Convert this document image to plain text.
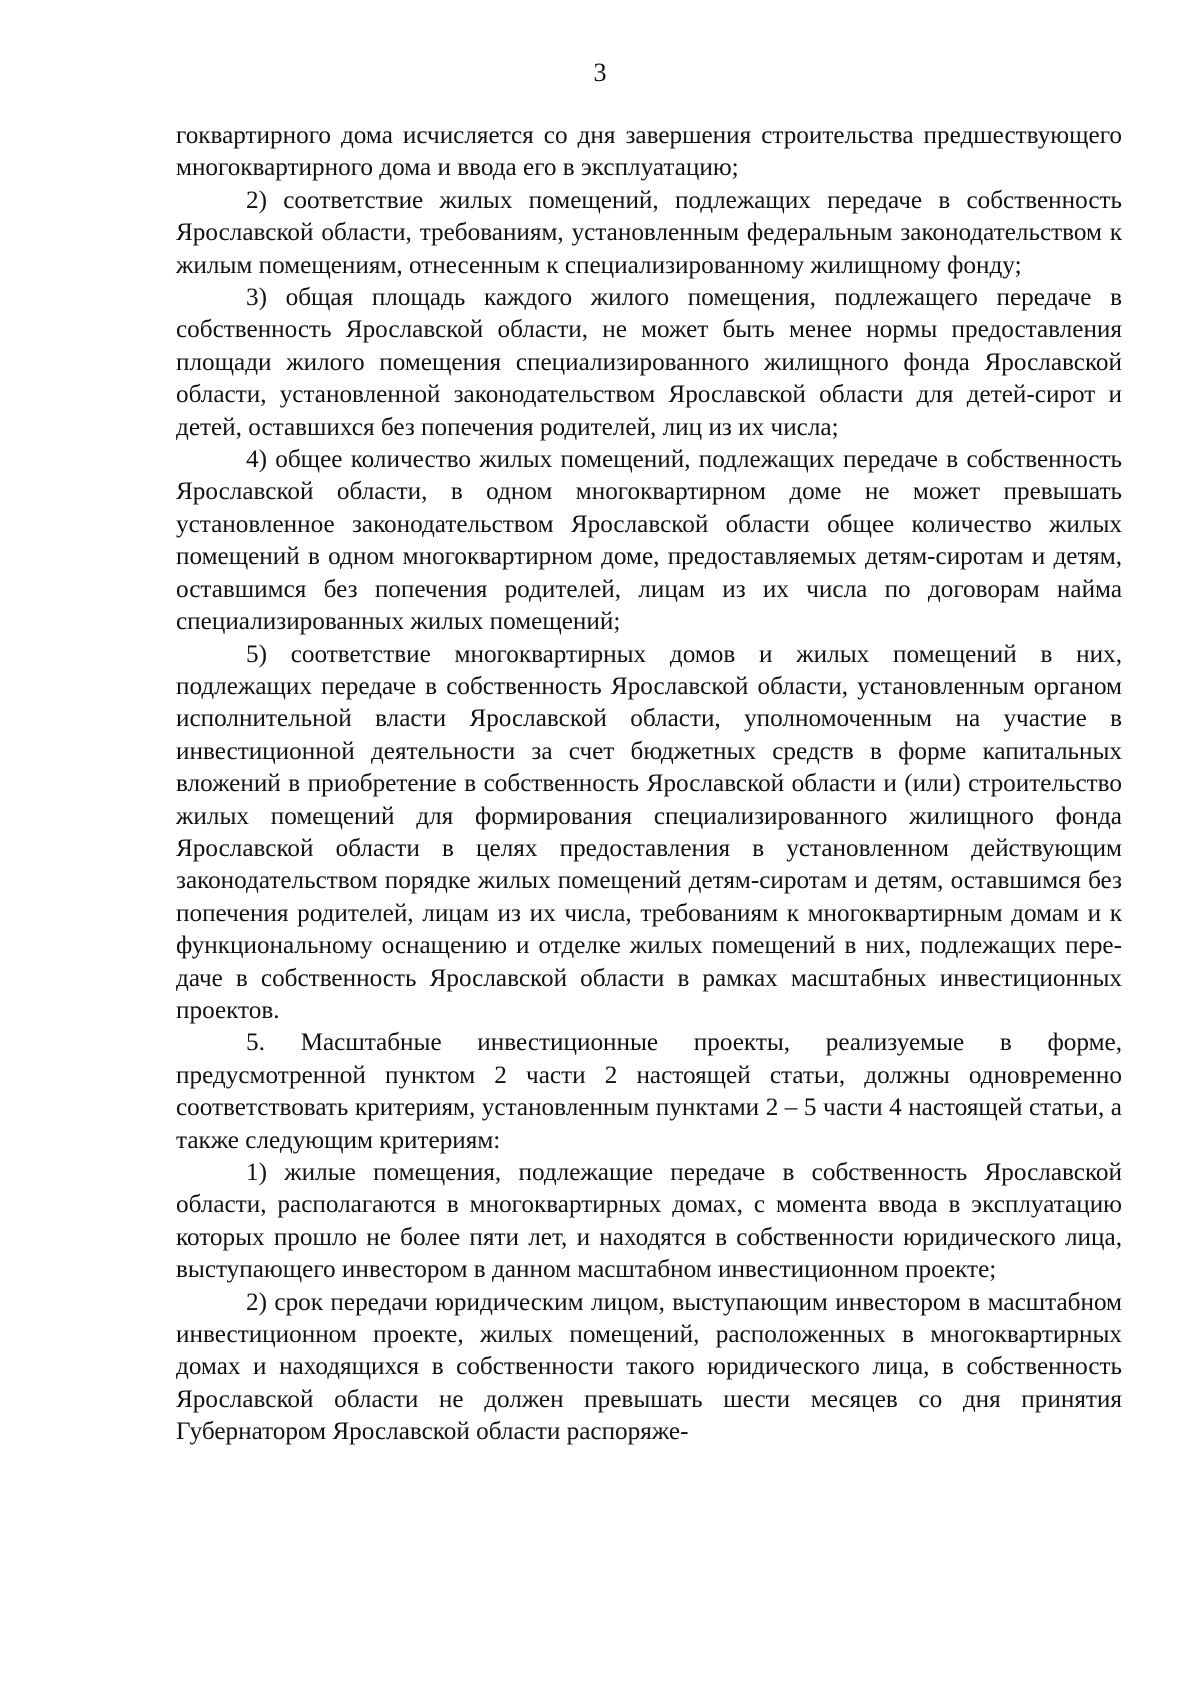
3

гоквартирного дома исчисляется со дня завершения строительства предшествующего многоквартирного дома и ввода его в эксплуатацию;

2) соответствие жилых помещений, подлежащих передаче в собственность Ярославской области, требованиям, установленным федеральным законодательством к жилым помещениям, отнесенным к специализированному жилищному фонду;

3) общая площадь каждого жилого помещения, подлежащего передаче в собственность Ярославской области, не может быть менее нормы предоставления площади жилого помещения специализированного жилищного фонда Ярославской области, установленной законодательством Ярославской области для детей-сирот и детей, оставшихся без попечения родителей, лиц из их числа;

4) общее количество жилых помещений, подлежащих передаче в собственность Ярославской области, в одном многоквартирном доме не может превышать установленное законодательством Ярославской области общее количество жилых помещений в одном многоквартирном доме, предоставляемых детям-сиротам и детям, оставшимся без попечения родителей, лицам из их числа по договорам найма специализированных жилых помещений;

5) соответствие многоквартирных домов и жилых помещений в них, подлежащих передаче в собственность Ярославской области, установленным органом исполнительной власти Ярославской области, уполномоченным на участие в инвестиционной деятельности за счет бюджетных средств в форме капитальных вложений в приобретение в собственность Ярославской области и (или) строительство жилых помещений для формирования специализированного жилищного фонда Ярославской области в целях предоставления в установленном действующим законодательством порядке жилых помещений детям-сиротам и детям, оставшимся без попечения родителей, лицам из их числа, требованиям к многоквартирным домам и к функциональному оснащению и отделке жилых помещений в них, подлежащих передаче в собственность Ярославской области в рамках масштабных инвестиционных проектов.

5. Масштабные инвестиционные проекты, реализуемые в форме, предусмотренной пунктом 2 части 2 настоящей статьи, должны одновременно соответствовать критериям, установленным пунктами 2 – 5 части 4 настоящей статьи, а также следующим критериям:

1) жилые помещения, подлежащие передаче в собственность Ярославской области, располагаются в многоквартирных домах, с момента ввода в эксплуатацию которых прошло не более пяти лет, и находятся в собственности юридического лица, выступающего инвестором в данном масштабном инвестиционном проекте;

2) срок передачи юридическим лицом, выступающим инвестором в масштабном инвестиционном проекте, жилых помещений, расположенных в многоквартирных домах и находящихся в собственности такого юридического лица, в собственность Ярославской области не должен превышать шести месяцев со дня принятия Губернатором Ярославской области распоряже-
